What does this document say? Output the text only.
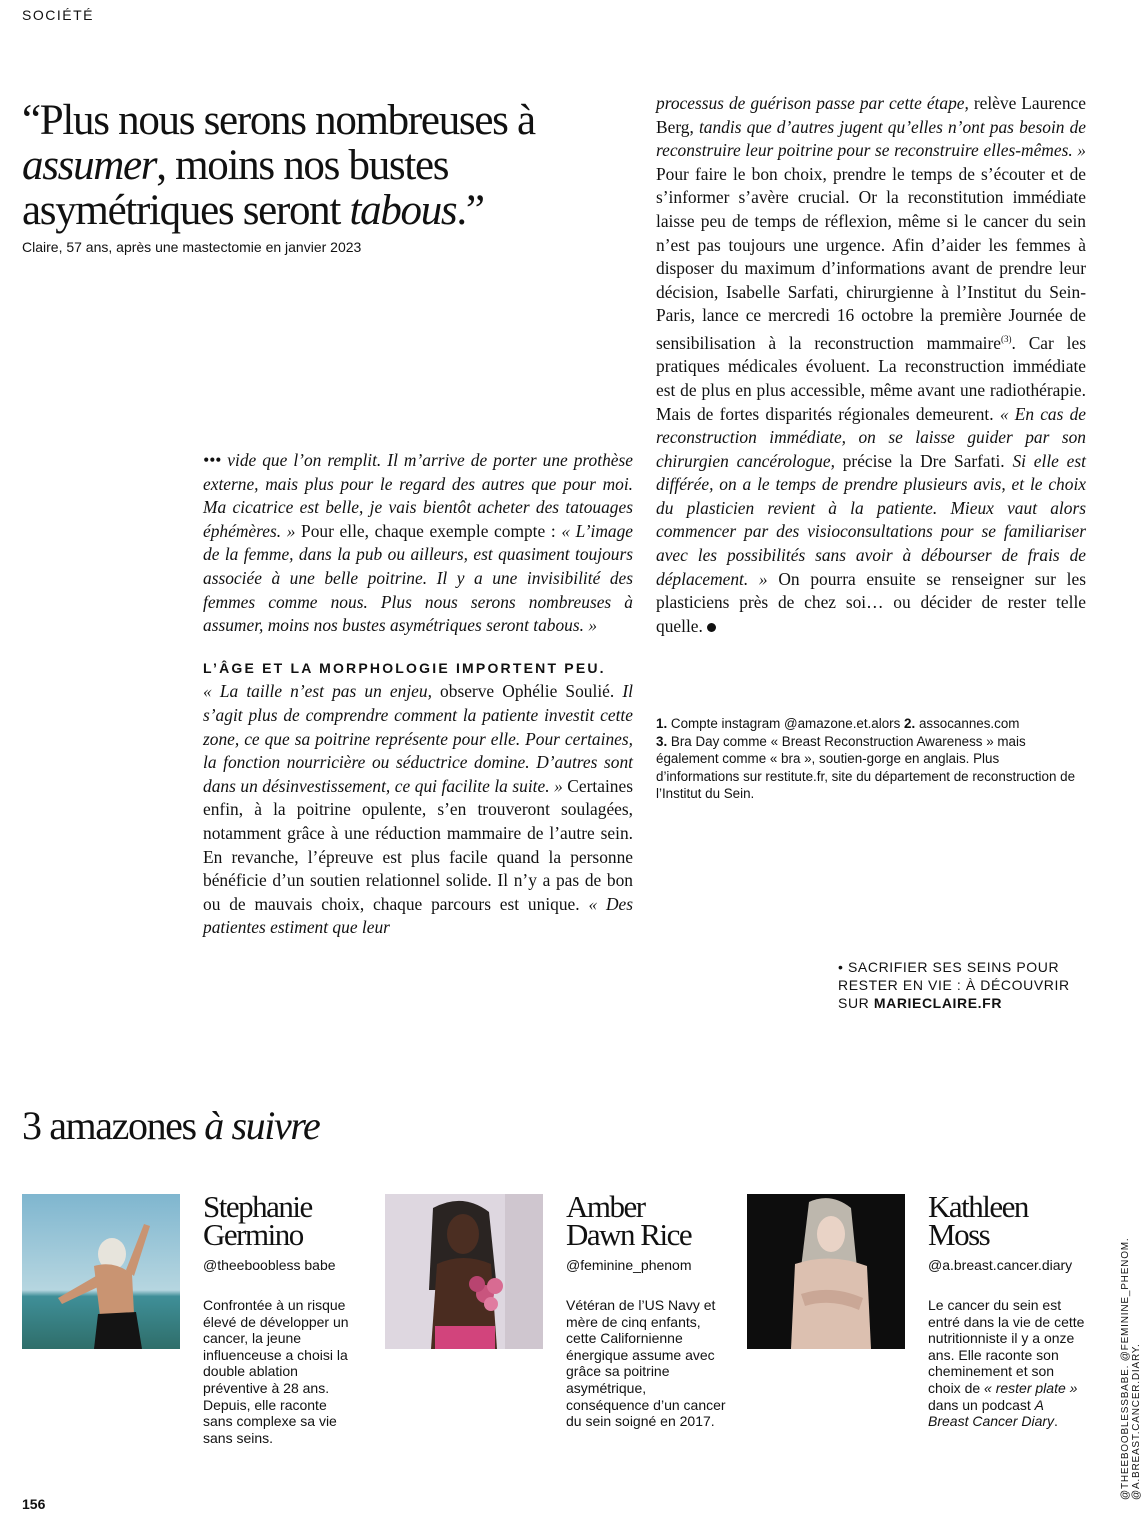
SOCIÉTÉ
“Plus nous serons nombreuses à assumer, moins nos bustes asymétriques seront tabous.”
Claire, 57 ans, après une mastectomie en janvier 2023

••• vide que l’on remplit. Il m’arrive de porter une prothèse externe, mais plus pour le regard des autres que pour moi. Ma cicatrice est belle, je vais bientôt acheter des tatouages éphémères. » Pour elle, chaque exemple compte : « L’image de la femme, dans la pub ou ailleurs, est quasiment toujours associée à une belle poitrine. Il y a une invisibilité des femmes comme nous. Plus nous serons nombreuses à assumer, moins nos bustes asymétriques seront tabous. »

L’ÂGE ET LA MORPHOLOGIE IMPORTENT PEU.
« La taille n’est pas un enjeu, observe Ophélie Soulié. Il s’agit plus de comprendre comment la patiente investit cette zone, ce que sa poitrine représente pour elle. Pour certaines, la fonction nourricière ou séductrice domine. D’autres sont dans un désinvestissement, ce qui facilite la suite. » Certaines enfin, à la poitrine opulente, s’en trouveront soulagées, notamment grâce à une réduction mammaire de l’autre sein. En revanche, l’épreuve est plus facile quand la personne bénéficie d’un soutien relationnel solide. Il n’y a pas de bon ou de mauvais choix, chaque parcours est unique. « Des patientes estiment que leur

processus de guérison passe par cette étape, relève Laurence Berg, tandis que d’autres jugent qu’elles n’ont pas besoin de reconstruire leur poitrine pour se reconstruire elles-mêmes. » Pour faire le bon choix, prendre le temps de s’écouter et de s’informer s’avère crucial. Or la reconstitution immédiate laisse peu de temps de réflexion, même si le cancer du sein n’est pas toujours une urgence. Afin d’aider les femmes à disposer du maximum d’informations avant de prendre leur décision, Isabelle Sarfati, chirurgienne à l’Institut du Sein-Paris, lance ce mercredi 16 octobre la première Journée de sensibilisation à la reconstruction mammaire$^{(3)}$. Car les pratiques médicales évoluent. La reconstruction immédiate est de plus en plus accessible, même avant une radiothérapie. Mais de fortes disparités régionales demeurent. « En cas de reconstruction immédiate, on se laisse guider par son chirurgien cancérologue, précise la Dre Sarfati. Si elle est différée, on a le temps de prendre plusieurs avis, et le choix du plasticien revient à la patiente. Mieux vaut alors commencer par des visioconsultations pour se familiariser avec les possibilités sans avoir à débourser de frais de déplacement. » On pourra ensuite se renseigner sur les plasticiens près de chez soi… ou décider de rester telle quelle.

1. Compte instagram @amazone.et.alors 2. assocannes.com
3. Bra Day comme « Breast Reconstruction Awareness » mais également comme « bra », soutien-gorge en anglais. Plus d’informations sur restitute.fr, site du département de reconstruction de l’Institut du Sein.
• SACRIFIER SES SEINS POUR RESTER EN VIE : À DÉCOUVRIR SUR MARIECLAIRE.FR
3 amazones à suivre
Stephanie Germino
@theeboobless babe
Confrontée à un risque élevé de développer un cancer, la jeune influenceuse a choisi la double ablation préventive à 28 ans. Depuis, elle raconte sans complexe sa vie sans seins.
Amber Dawn Rice
@feminine_phenom
Vétéran de l’US Navy et mère de cinq enfants, cette Californienne énergique assume avec grâce sa poitrine asymétrique, conséquence d’un cancer du sein soigné en 2017.
Kathleen Moss
@a.breast.cancer.diary
Le cancer du sein est entré dans la vie de cette nutritionniste il y a onze ans. Elle raconte son cheminement et son choix de « rester plate » dans un podcast A Breast Cancer Diary.	@THEEBOOBLESSBABE. @FEMININE_PHENOM. @A.BREAST.CANCER.DIARY.
156
